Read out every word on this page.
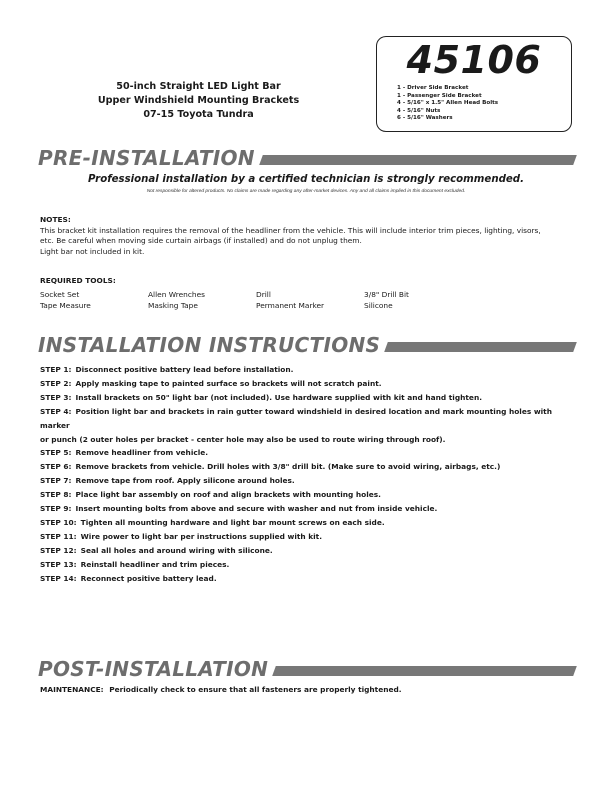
50-inch Straight LED Light Bar
Upper Windshield Mounting Brackets
07-15 Toyota Tundra
45106
1 - Driver Side Bracket
1 - Passenger Side Bracket
4 - 5/16" x 1.5" Allen Head Bolts
4 - 5/16" Nuts
6 - 5/16" Washers
PRE-INSTALLATION
Professional installation by a certified technician is strongly recommended.
Not responsible for altered products. No claims are made regarding any after-market devices. Any and all claims implied in this document excluded.
NOTES:
This bracket kit installation requires the removal of the headliner from the vehicle. This will include interior trim pieces, lighting, visors,
etc. Be careful when moving side curtain airbags (if installed) and do not unplug them.
Light bar not included in kit.
REQUIRED TOOLS:
Socket Set	Allen Wrenches	Drill	3/8" Drill Bit
Tape Measure	Masking Tape	Permanent Marker	Silicone
INSTALLATION INSTRUCTIONS
STEP 1: Disconnect positive battery lead before installation.
STEP 2: Apply masking tape to painted surface so brackets will not scratch paint.
STEP 3: Install brackets on 50" light bar (not included). Use hardware supplied with kit and hand tighten.
STEP 4: Position light bar and brackets in rain gutter toward windshield in desired location and mark mounting holes with marker
or punch (2 outer holes per bracket - center hole may also be used to route wiring through roof).
STEP 5: Remove headliner from vehicle.
STEP 6: Remove brackets from vehicle. Drill holes with 3/8" drill bit. (Make sure to avoid wiring, airbags, etc.)
STEP 7: Remove tape from roof. Apply silicone around holes.
STEP 8: Place light bar assembly on roof and align brackets with mounting holes.
STEP 9: Insert mounting bolts from above and secure with washer and nut from inside vehicle.
STEP 10: Tighten all mounting hardware and light bar mount screws on each side.
STEP 11: Wire power to light bar per instructions supplied with kit.
STEP 12: Seal all holes and around wiring with silicone.
STEP 13: Reinstall headliner and trim pieces.
STEP 14: Reconnect positive battery lead.
POST-INSTALLATION
MAINTENANCE: Periodically check to ensure that all fasteners are properly tightened.
